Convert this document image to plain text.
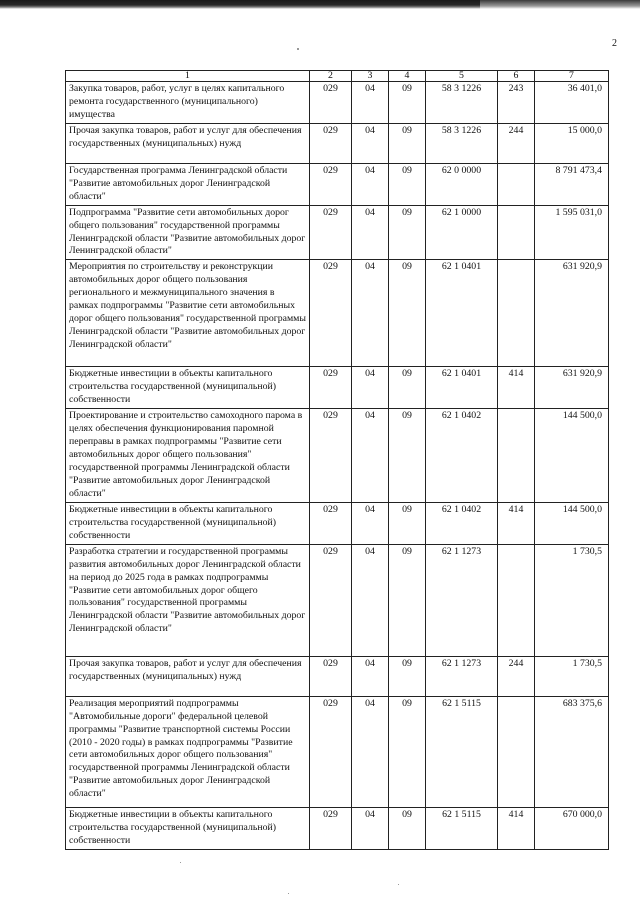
2
1	2	3	4	5	6	7
Закупка товаров, работ, услуг в целях капитального ремонта государственного (муниципального) имущества	029	04	09	58 3 1226	243	36 401,0
Прочая закупка товаров, работ и услуг для обеспечения государственных (муниципальных) нужд	029	04	09	58 3 1226	244	15 000,0
Государственная программа Ленинградской области "Развитие автомобильных дорог Ленинградской области"	029	04	09	62 0 0000		8 791 473,4
Подпрограмма "Развитие сети автомобильных дорог общего пользования" государственной программы Ленинградской области "Развитие автомобильных дорог Ленинградской области"	029	04	09	62 1 0000		1 595 031,0
Мероприятия по строительству и реконструкции автомобильных дорог общего пользования регионального и межмуниципального значения в рамках подпрограммы "Развитие сети автомобильных дорог общего пользования" государственной программы Ленинградской области "Развитие автомобильных дорог Ленинградской области"	029	04	09	62 1 0401		631 920,9
Бюджетные инвестиции в объекты капитального строительства государственной (муниципальной) собственности	029	04	09	62 1 0401	414	631 920,9
Проектирование и строительство самоходного парома в целях обеспечения функционирования паромной переправы в рамках подпрограммы "Развитие сети автомобильных дорог общего пользования" государственной программы Ленинградской области "Развитие автомобильных дорог Ленинградской области"	029	04	09	62 1 0402		144 500,0
Бюджетные инвестиции в объекты капитального строительства государственной (муниципальной) собственности	029	04	09	62 1 0402	414	144 500,0
Разработка стратегии и государственной программы развития автомобильных дорог Ленинградской области на период до 2025 года в рамках подпрограммы "Развитие сети автомобильных дорог общего пользования" государственной программы Ленинградской области "Развитие автомобильных дорог Ленинградской области"	029	04	09	62 1 1273		1 730,5
Прочая закупка товаров, работ и услуг для обеспечения государственных (муниципальных) нужд	029	04	09	62 1 1273	244	1 730,5
Реализация мероприятий подпрограммы "Автомобильные дороги" федеральной целевой программы "Развитие транспортной системы России (2010 - 2020 годы) в рамках подпрограммы "Развитие сети автомобильных дорог общего пользования" государственной программы Ленинградской области "Развитие автомобильных дорог Ленинградской области"	029	04	09	62 1 5115		683 375,6
Бюджетные инвестиции в объекты капитального строительства государственной (муниципальной) собственности	029	04	09	62 1 5115	414	670 000,0
